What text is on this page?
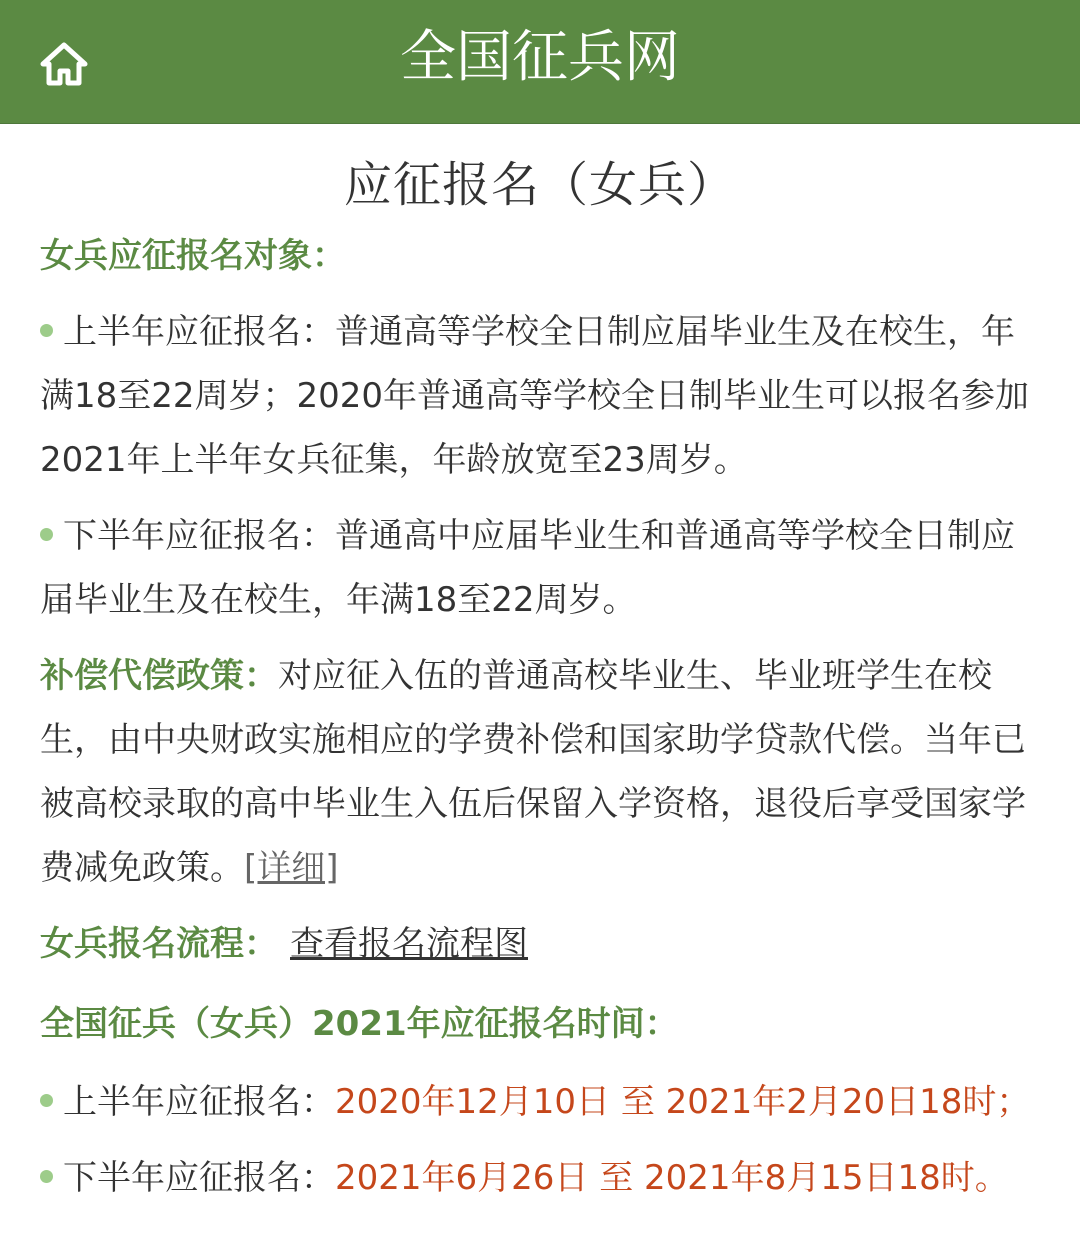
全国征兵网
应征报名（女兵）
女兵应征报名对象：
上半年应征报名：普通高等学校全日制应届毕业生及在校生，年满18至22周岁；2020年普通高等学校全日制毕业生可以报名参加2021年上半年女兵征集，年龄放宽至23周岁。
下半年应征报名：普通高中应届毕业生和普通高等学校全日制应届毕业生及在校生，年满18至22周岁。
补偿代偿政策：对应征入伍的普通高校毕业生、毕业班学生在校生，由中央财政实施相应的学费补偿和国家助学贷款代偿。当年已被高校录取的高中毕业生入伍后保留入学资格，退役后享受国家学费减免政策。[详细]
女兵报名流程： 查看报名流程图
全国征兵（女兵）2021年应征报名时间：
上半年应征报名：2020年12月10日 至 2021年2月20日18时；
下半年应征报名：2021年6月26日 至 2021年8月15日18时。
